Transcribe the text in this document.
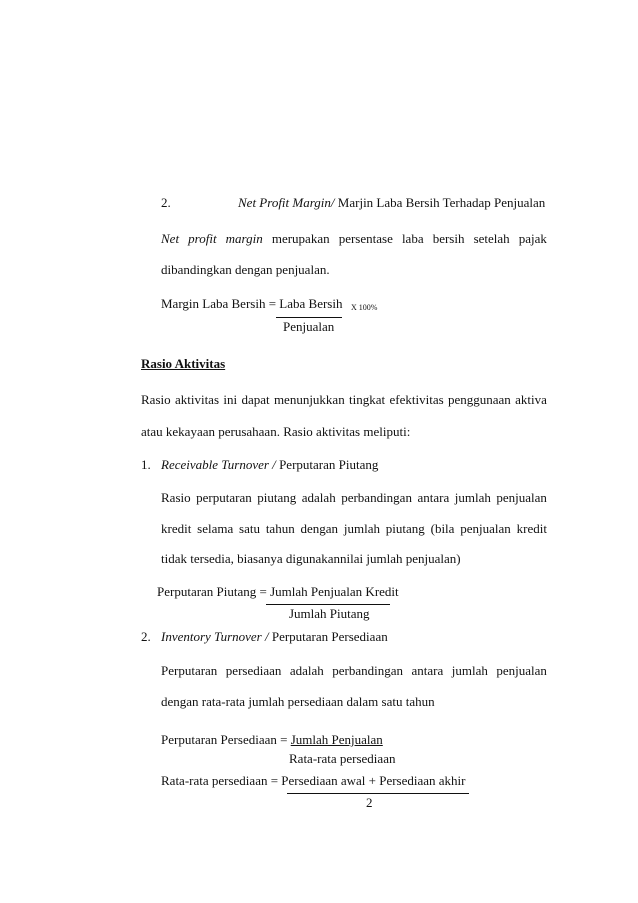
2.	Net Profit Margin/ Marjin Laba Bersih Terhadap Penjualan
Net profit margin merupakan persentase laba bersih setelah pajak
dibandingkan dengan penjualan.
Margin Laba Bersih = Laba Bersih X 100%
Penjualan
Rasio Aktivitas
Rasio aktivitas ini dapat menunjukkan tingkat efektivitas penggunaan aktiva
atau kekayaan perusahaan. Rasio aktivitas meliputi:
1. Receivable Turnover / Perputaran Piutang
Rasio perputaran piutang adalah perbandingan antara jumlah penjualan
kredit selama satu tahun dengan jumlah piutang (bila penjualan kredit
tidak tersedia, biasanya digunakannilai jumlah penjualan)
Perputaran Piutang = Jumlah Penjualan Kredit
Jumlah Piutang
2. Inventory Turnover / Perputaran Persediaan
Perputaran persediaan adalah perbandingan antara jumlah penjualan
dengan rata-rata jumlah persediaan dalam satu tahun
Perputaran Persediaan = Jumlah Penjualan
Rata-rata persediaan
Rata-rata persediaan = Persediaan awal + Persediaan akhir
2
